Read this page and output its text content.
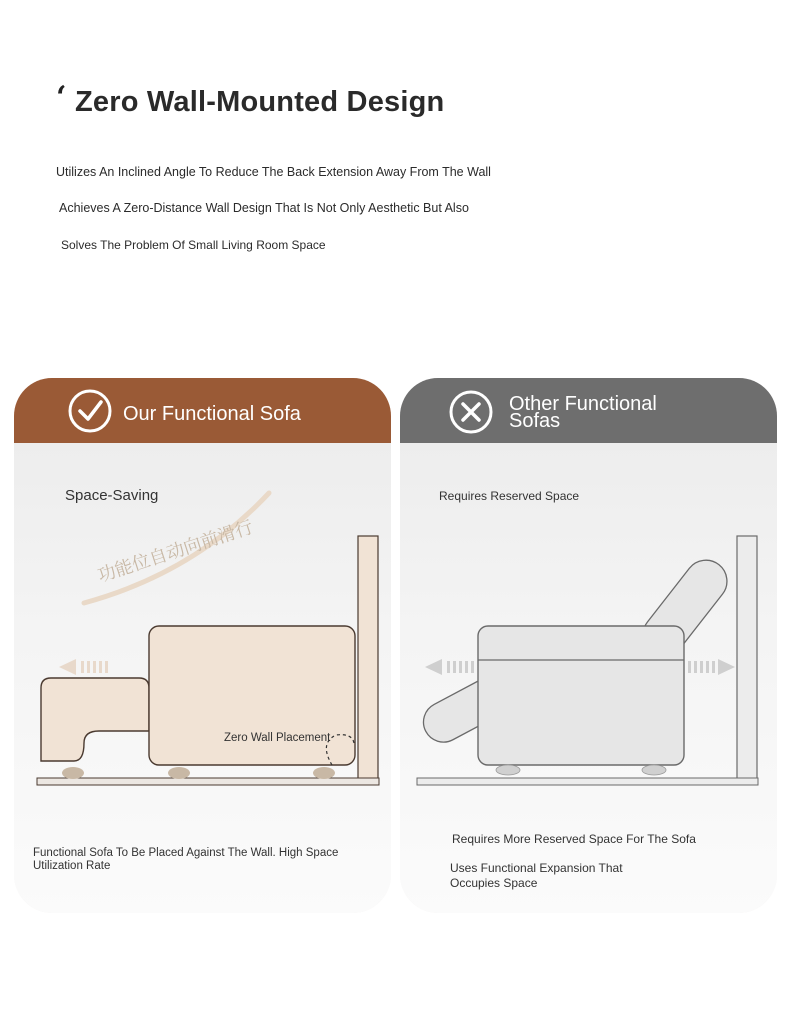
‘ Zero Wall-Mounted Design
Utilizes An Inclined Angle To Reduce The Back Extension Away From The Wall
Achieves A Zero-Distance Wall Design That Is Not Only Aesthetic But Also
Solves The Problem Of Small Living Room Space
Our Functional Sofa
Space-Saving
功能位自动向前滑行
Zero Wall Placement
Functional Sofa To Be Placed Against The Wall. High Space Utilization Rate
Other Functional
Sofas
Requires Reserved Space
Requires More Reserved Space For The Sofa
Uses Functional Expansion That Occupies Space
